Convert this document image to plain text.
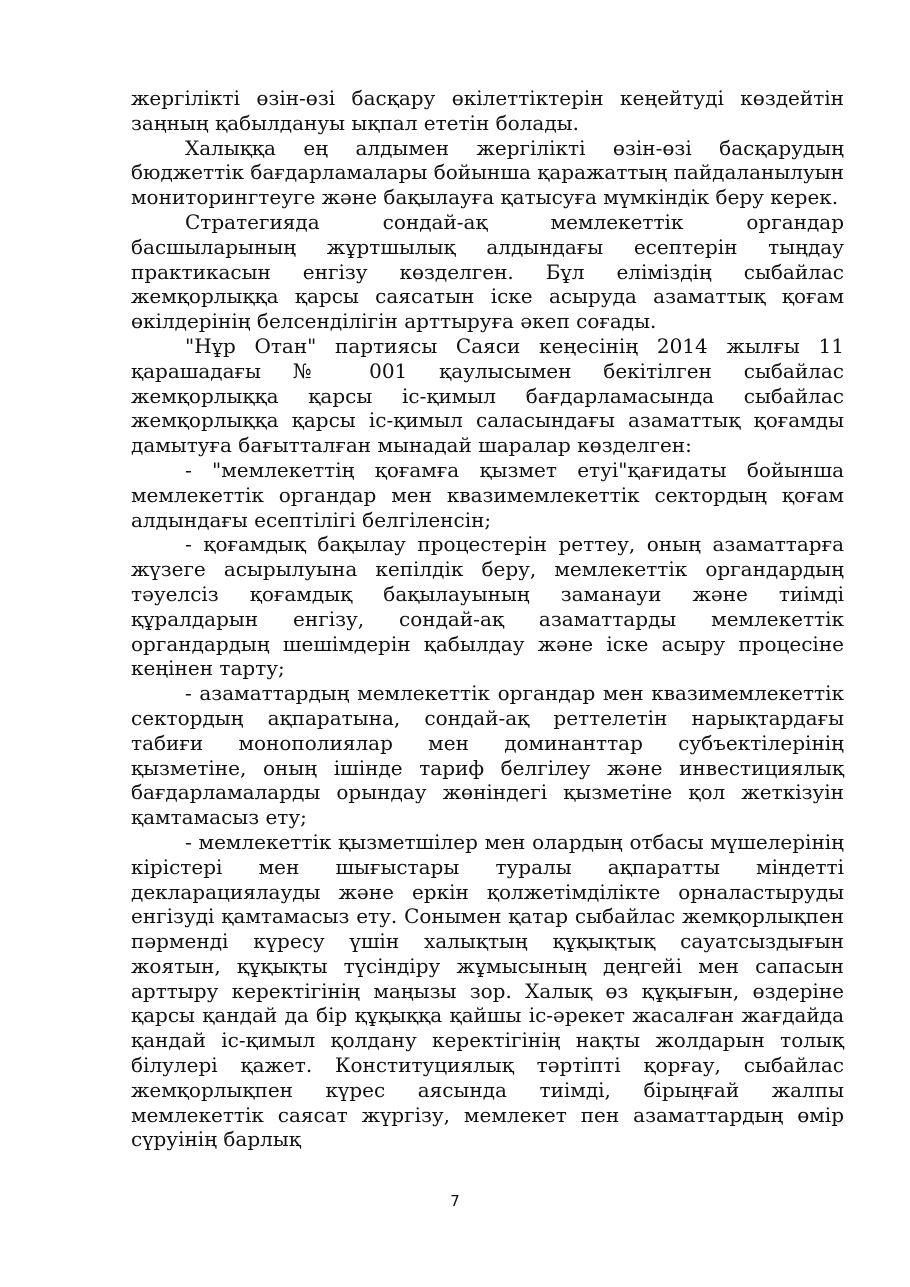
жергілікті өзін-өзі басқару өкілеттіктерін кеңейтуді көздейтін заңның қабылдануы ықпал ететін болады.

Халыққа ең алдымен жергілікті өзін-өзі басқарудың бюджеттік бағдарламалары бойынша қаражаттың пайдаланылуын мониторингтеуге және бақылауға қатысуға мүмкіндік беру керек.

Стратегияда сондай-ақ мемлекеттік органдар басшыларының жұртшылық алдындағы есептерін тыңдау практикасын енгізу көзделген. Бұл еліміздің сыбайлас жемқорлыққа қарсы саясатын іске асыруда азаматтық қоғам өкілдерінің белсенділігін арттыруға әкеп соғады.

"Нұр Отан" партиясы Саяси кеңесінің 2014 жылғы 11 қарашадағы № 001 қаулысымен бекітілген сыбайлас жемқорлыққа қарсы іс-қимыл бағдарламасында сыбайлас жемқорлыққа қарсы іс-қимыл саласындағы азаматтық қоғамды дамытуға бағытталған мынадай шаралар көзделген:

- "мемлекеттің қоғамға қызмет етуі"қағидаты бойынша мемлекеттік органдар мен квазимемлекеттік сектордың қоғам алдындағы есептілігі белгіленсін;

- қоғамдық бақылау процестерін реттеу, оның азаматтарға жүзеге асырылуына кепілдік беру, мемлекеттік органдардың тәуелсіз қоғамдық бақылауының заманауи және тиімді құралдарын енгізу, сондай-ақ азаматтарды мемлекеттік органдардың шешімдерін қабылдау және іске асыру процесіне кеңінен тарту;

- азаматтардың мемлекеттік органдар мен квазимемлекеттік сектордың ақпаратына, сондай-ақ реттелетін нарықтардағы табиғи монополиялар мен доминанттар субъектілерінің қызметіне, оның ішінде тариф белгілеу және инвестициялық бағдарламаларды орындау жөніндегі қызметіне қол жеткізуін қамтамасыз ету;

- мемлекеттік қызметшілер мен олардың отбасы мүшелерінің кірістері мен шығыстары туралы ақпаратты міндетті декларациялауды және еркін қолжетімділікте орналастыруды енгізуді қамтамасыз ету. Сонымен қатар сыбайлас жемқорлықпен пәрменді күресу үшін халықтың құқықтық сауатсыздығын жоятын, құқықты түсіндіру жұмысының деңгейі мен сапасын арттыру керектігінің маңызы зор. Халық өз құқығын, өздеріне қарсы қандай да бір құқыққа қайшы іс-әрекет жасалған жағдайда қандай іс-қимыл қолдану керектігінің нақты жолдарын толық білулері қажет. Конституциялық тәртіпті қорғау, сыбайлас жемқорлықпен күрес аясында тиімді, бірыңғай жалпы мемлекеттік саясат жүргізу, мемлекет пен азаматтардың өмір сүруінің барлық

7
